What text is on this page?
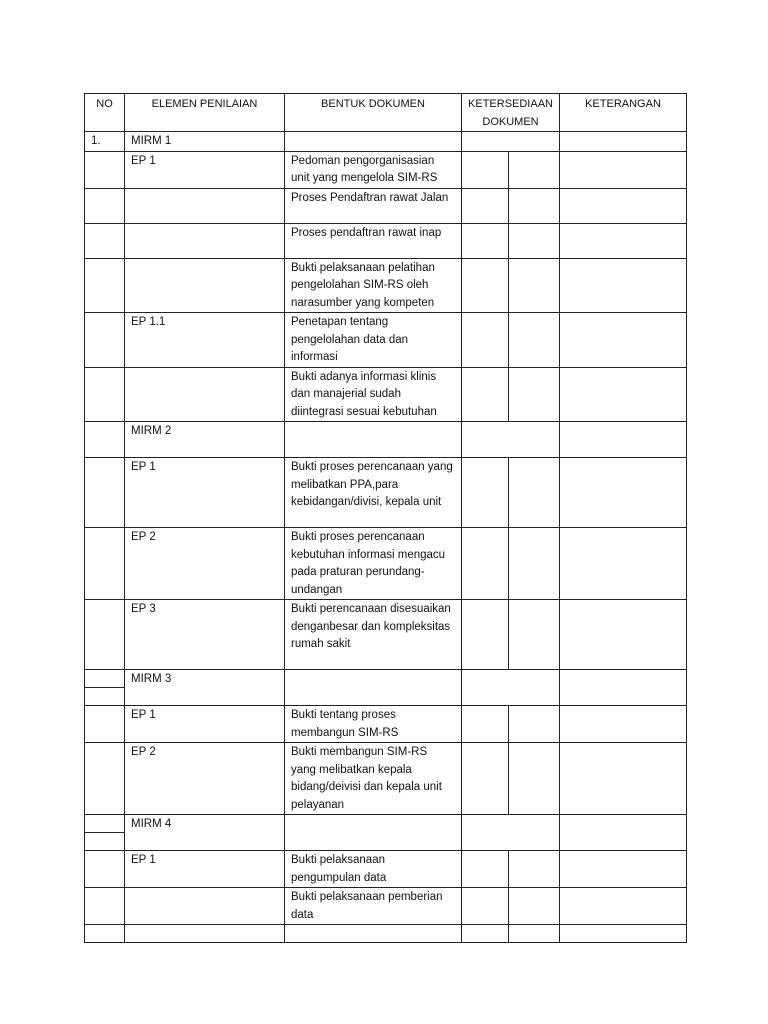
NO	ELEMEN PENILAIAN	BENTUK DOKUMEN	KETERSEDIAAN DOKUMEN		KETERANGAN
1.	MIRM 1				
	EP 1	Pedoman pengorganisasian unit yang mengelola SIM-RS			
		Proses Pendaftran rawat Jalan			
		Proses pendaftran rawat inap			
		Bukti pelaksanaan pelatihan pengelolahan SIM-RS oleh narasumber yang kompeten			
	EP 1.1	Penetapan tentang pengelolahan data dan informasi			
		Bukti adanya informasi klinis dan manajerial sudah diintegrasi sesuai kebutuhan			
	MIRM 2				
	EP 1	Bukti proses perencanaan yang melibatkan PPA,para kebidangan/divisi, kepala unit			
	EP 2	Bukti proses perencanaan kebutuhan informasi mengacu pada praturan perundang-undangan			
	EP 3	Bukti perencanaan disesuaikan denganbesar dan kompleksitas rumah sakit			

	MIRM 3				
	EP 1	Bukti tentang proses membangun SIM-RS			
	EP 2	Bukti membangun SIM-RS yang melibatkan kepala bidang/deivisi dan kepala unit pelayanan			

	MIRM 4				
	EP 1	Bukti pelaksanaan pengumpulan data			
		Bukti pelaksanaan pemberian data			
